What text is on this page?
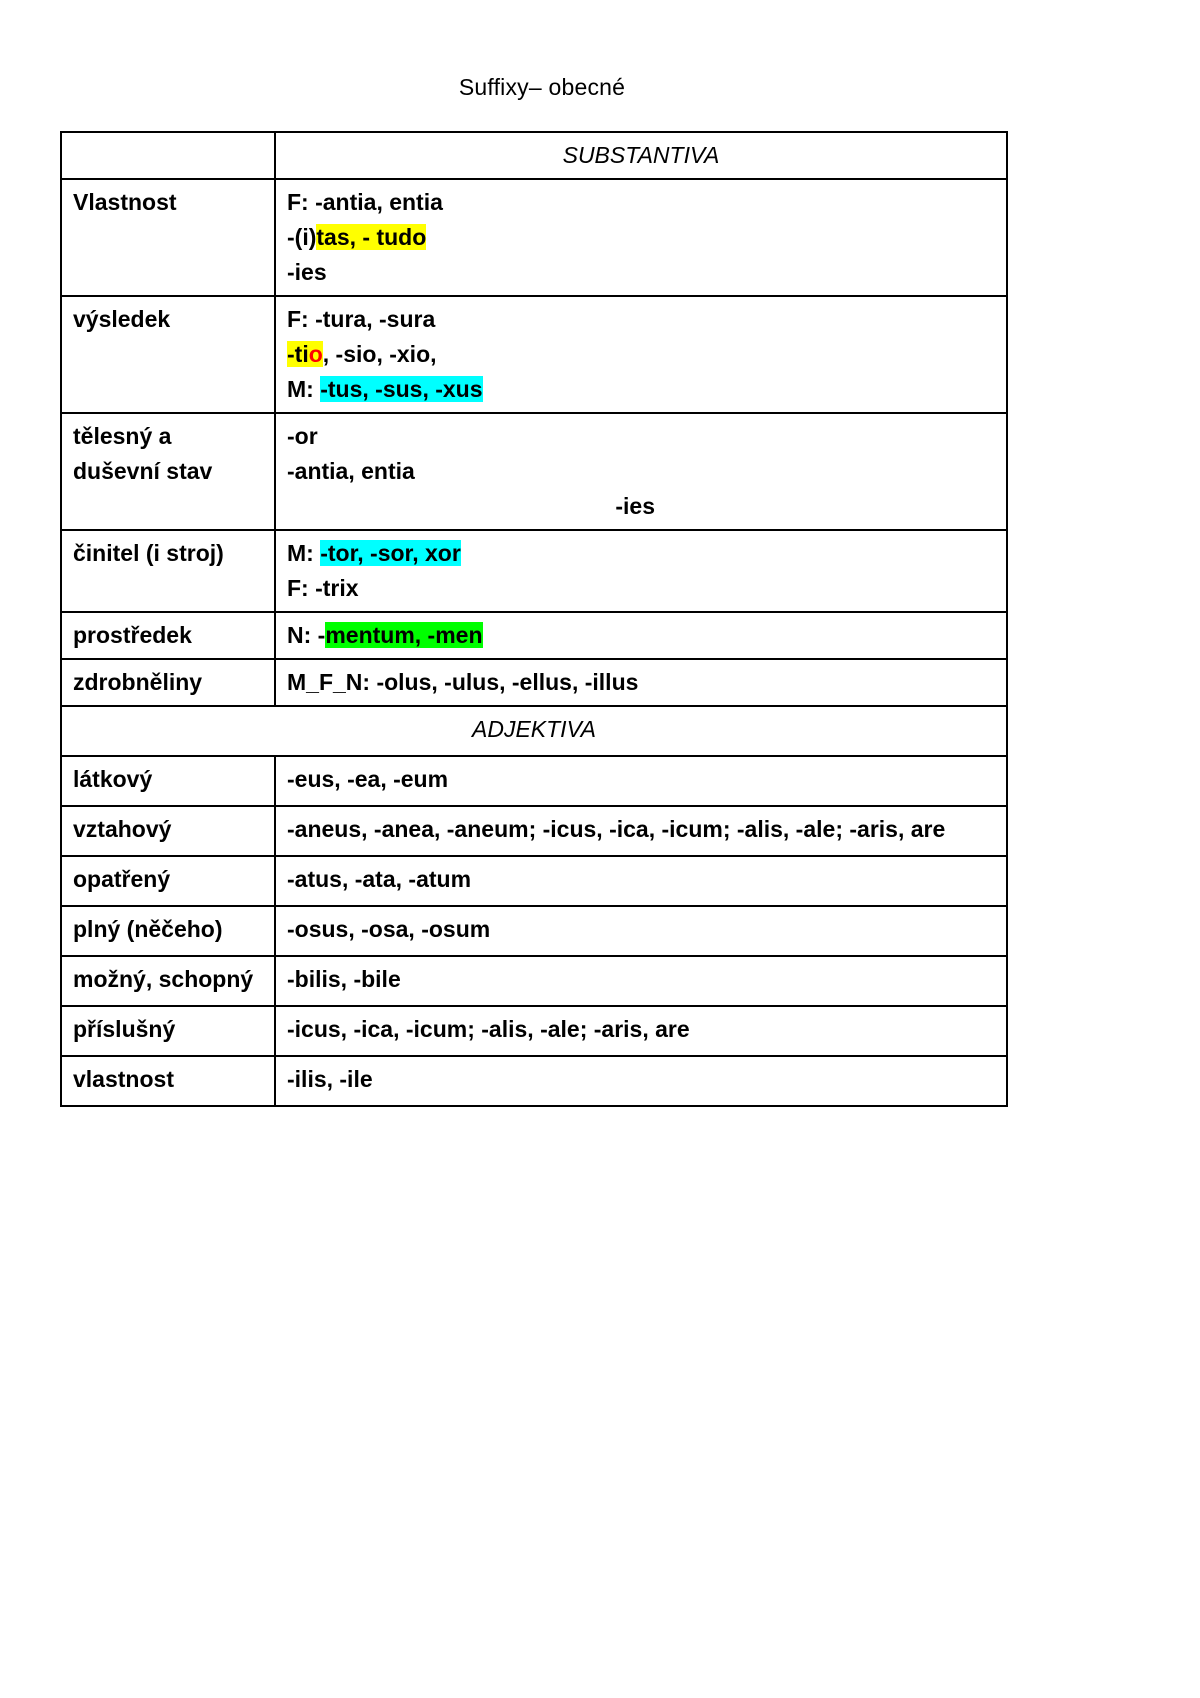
Suffixy– obecné
	SUBSTANTIVA
Vlastnost	F: -antia, entia
-(i)tas, - tudo
-ies

výsledek	F: -tura, -sura
-tio, -sio, -xio,
M: -tus, -sus, -xus

tělesný a duševní stav	-or
-antia, entia
-ies

činitel (i stroj)	M: -tor, -sor, xor
F: -trix

prostředek	N: -mentum, -men

zdrobněliny	M_F_N: -olus, -ulus, -ellus, -illus

ADJEKTIVA	
látkový	-eus, -ea, -eum
vztahový	-aneus, -anea, -aneum; -icus, -ica, -icum; -alis, -ale; -aris, are
opatřený	-atus, -ata, -atum
plný (něčeho)	-osus, -osa, -osum
možný, schopný	-bilis, -bile
příslušný	-icus, -ica, -icum; -alis, -ale; -aris, are
vlastnost	-ilis, -ile
